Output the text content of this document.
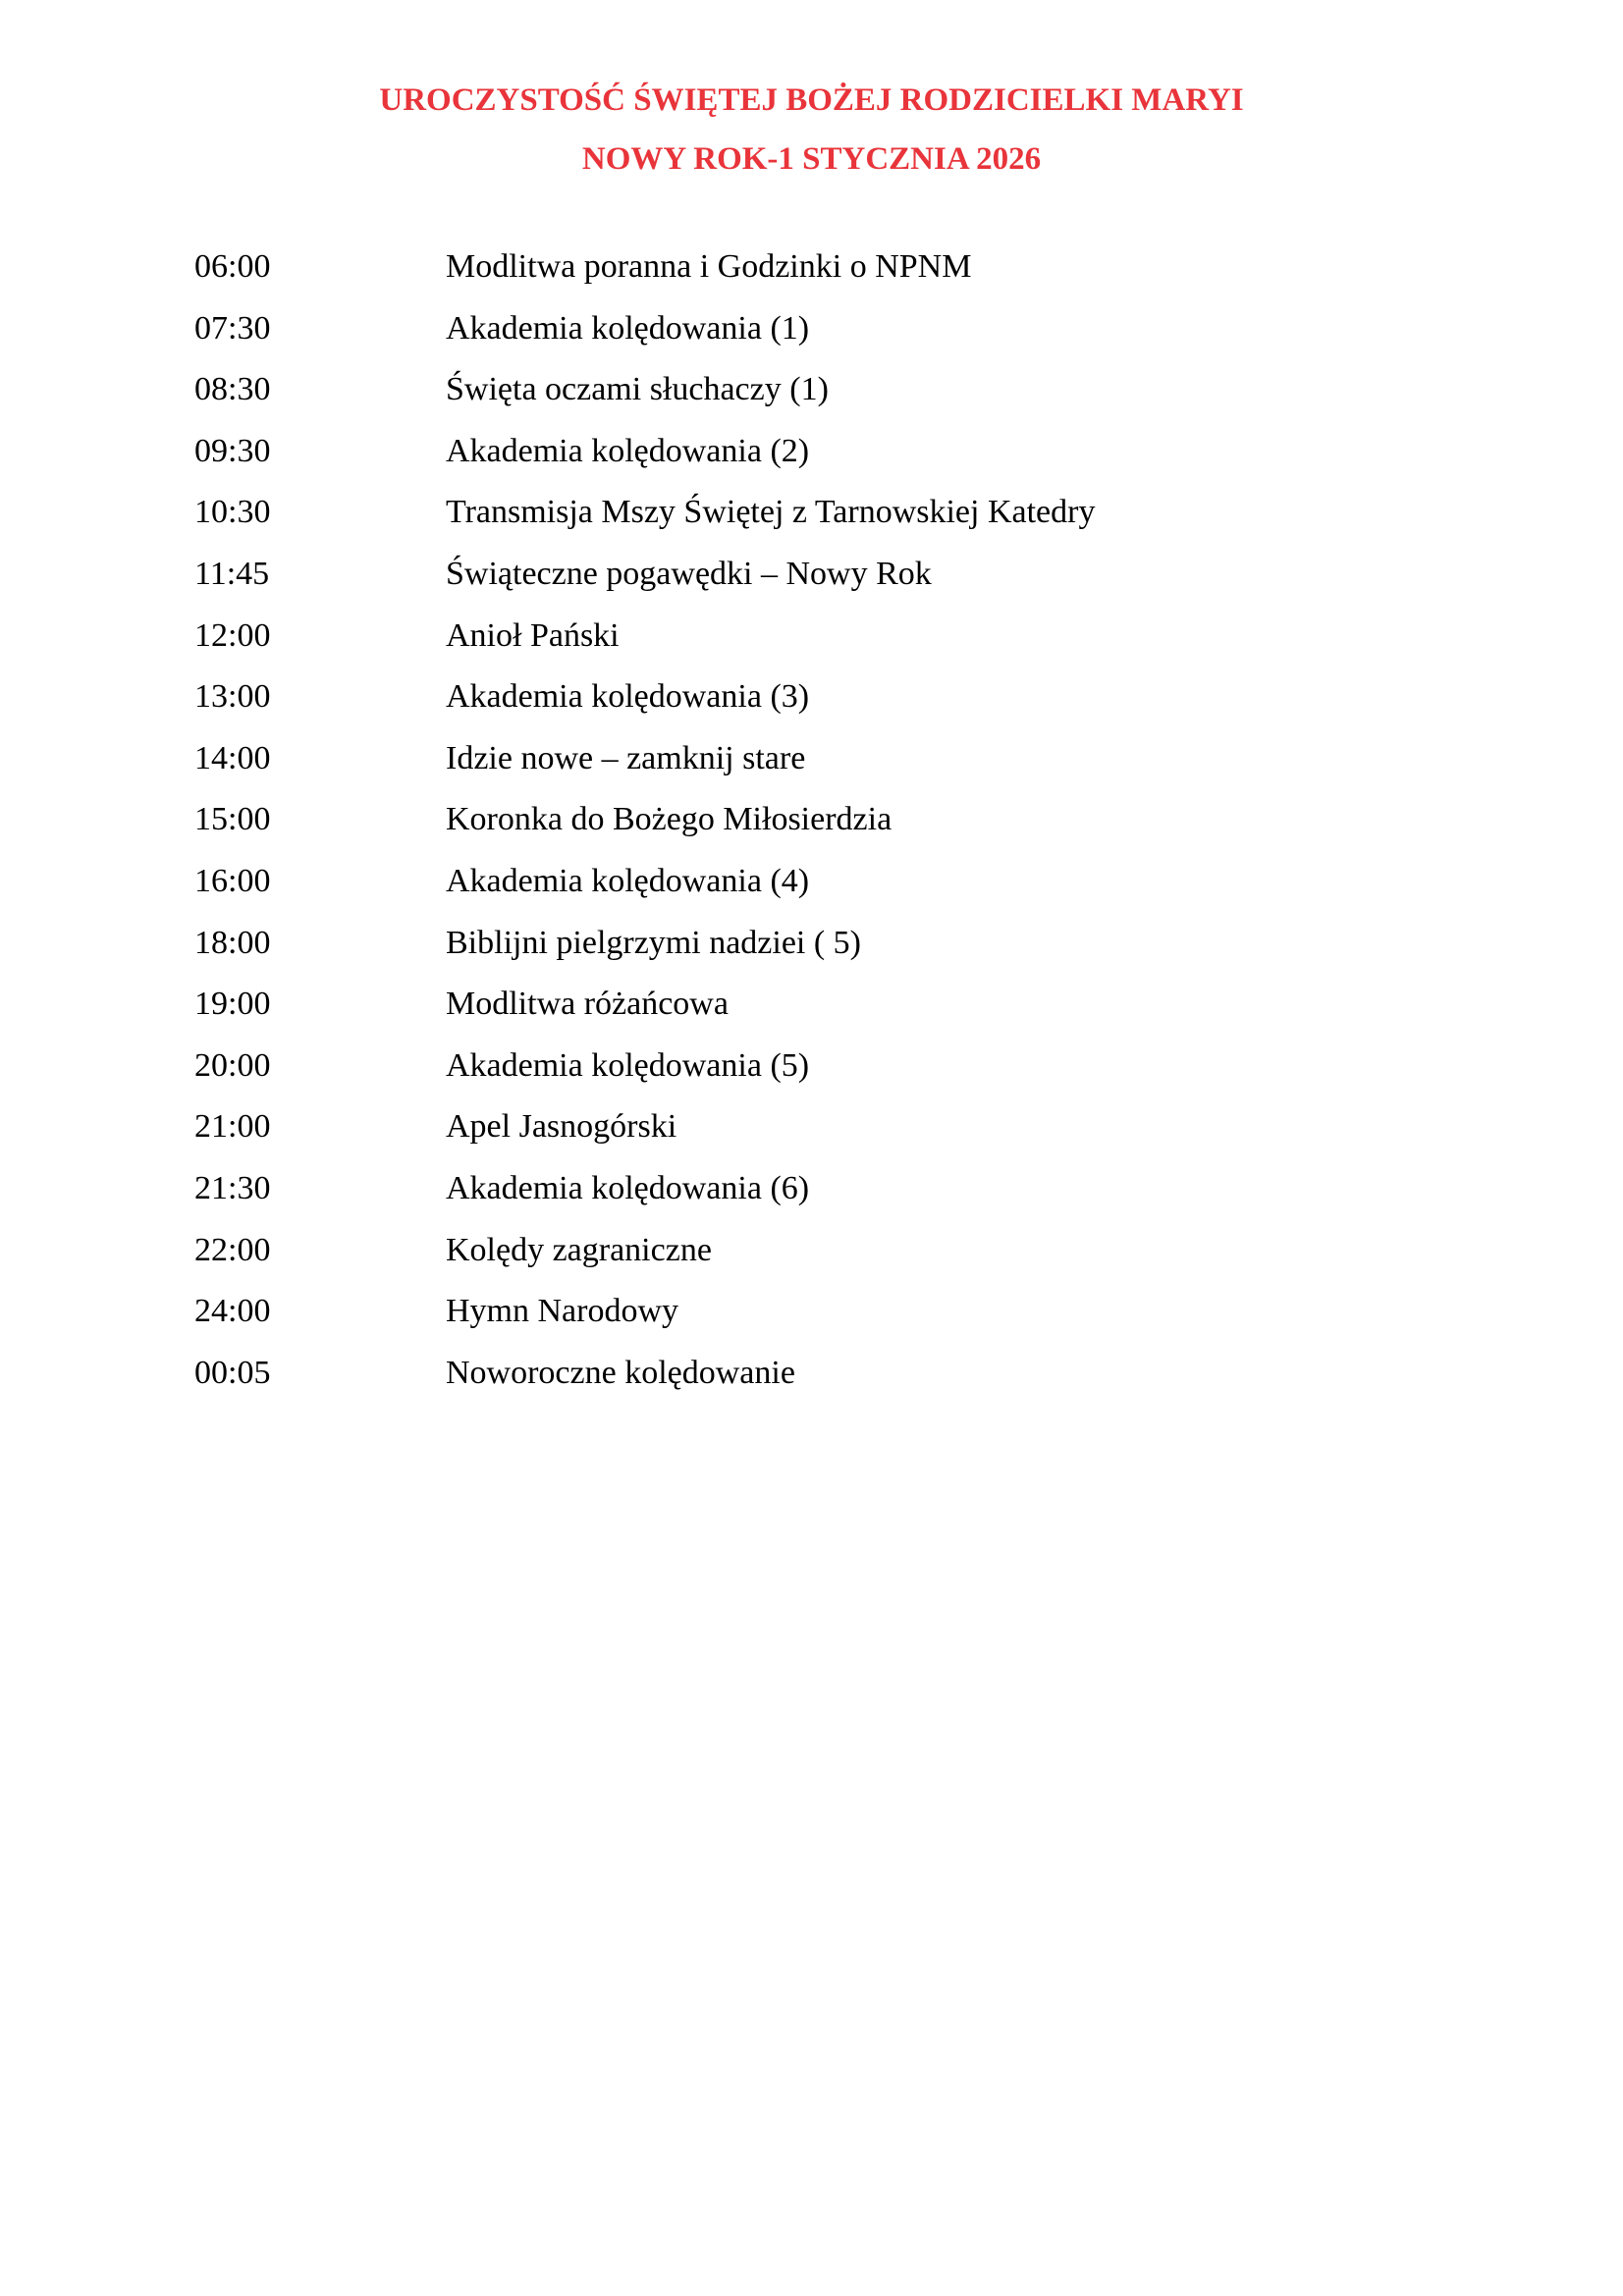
UROCZYSTOŚĆ ŚWIĘTEJ BOŻEJ RODZICIELKI MARYI
NOWY ROK-1 STYCZNIA 2026
06:00	Modlitwa poranna i Godzinki o NPNM
07:30	Akademia kolędowania (1)
08:30	Święta oczami słuchaczy (1)
09:30	Akademia kolędowania (2)
10:30	Transmisja Mszy Świętej z Tarnowskiej Katedry
11:45	Świąteczne pogawędki – Nowy Rok
12:00	Anioł Pański
13:00	Akademia kolędowania (3)
14:00	Idzie nowe – zamknij stare
15:00	Koronka do Bożego Miłosierdzia
16:00	Akademia kolędowania (4)
18:00	Biblijni pielgrzymi nadziei ( 5)
19:00	Modlitwa różańcowa
20:00	Akademia kolędowania (5)
21:00	Apel Jasnogórski
21:30	Akademia kolędowania (6)
22:00	Kolędy zagraniczne
24:00	Hymn Narodowy
00:05	Noworoczne kolędowanie
